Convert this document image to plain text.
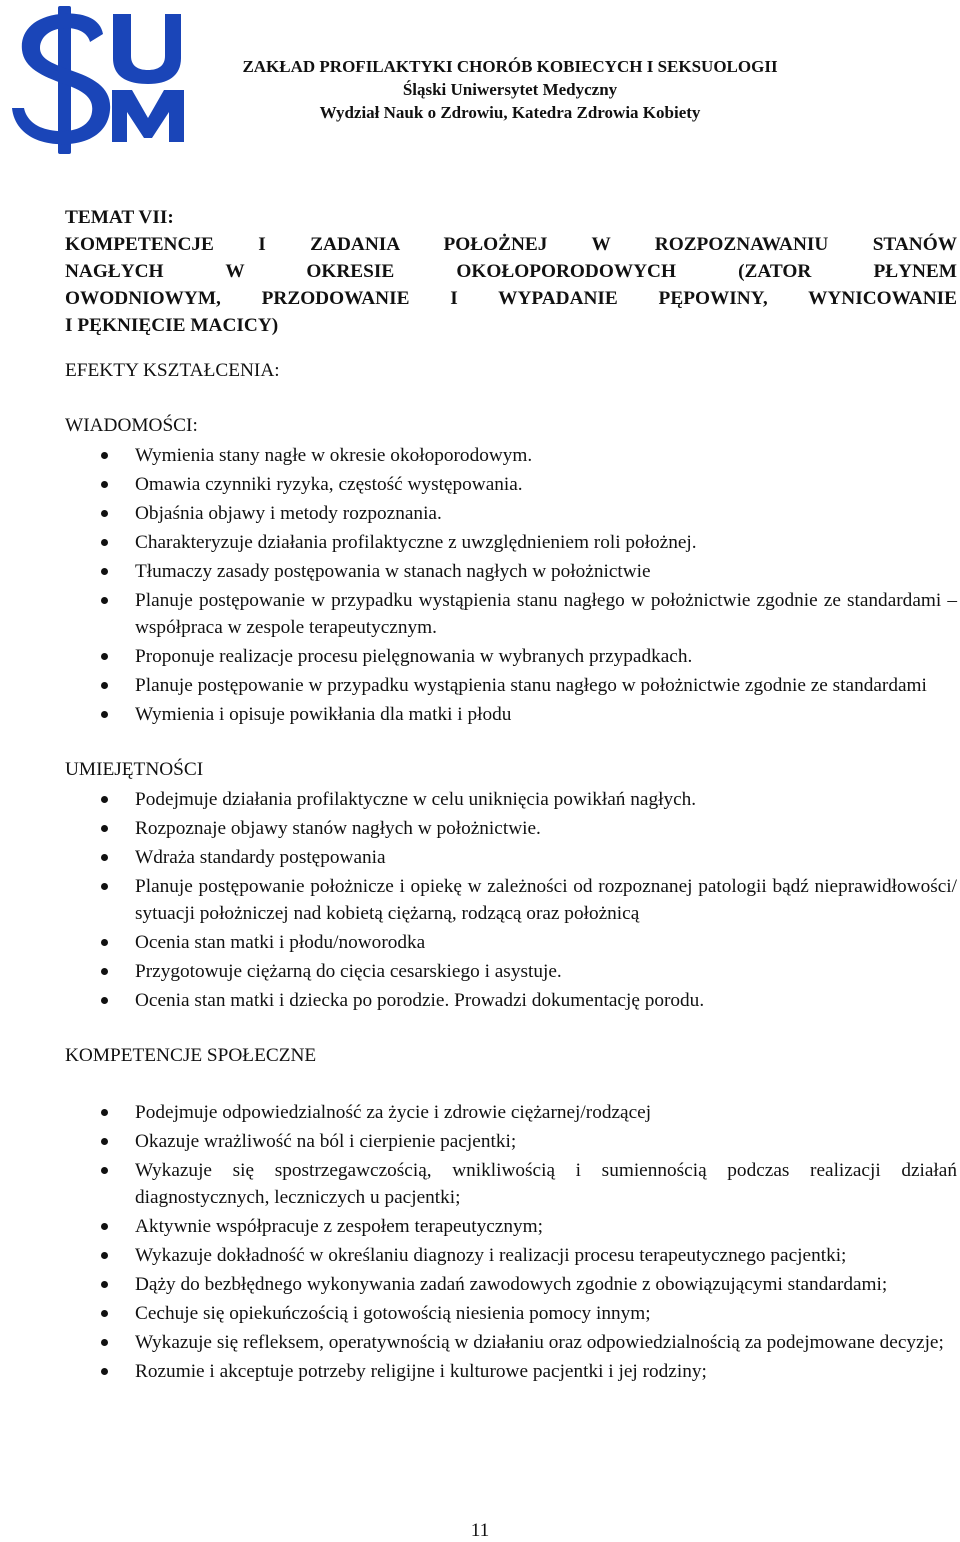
ZAKŁAD PROFILAKTYKI CHORÓB KOBIECYCH I SEKSUOLOGII
Śląski Uniwersytet Medyczny
Wydział Nauk o Zdrowiu, Katedra Zdrowia Kobiety
TEMAT VII:
KOMPETENCJE I ZADANIA POŁOŻNEJ W ROZPOZNAWANIU STANÓW
NAGŁYCH W OKRESIE OKOŁOPORODOWYCH (ZATOR PŁYNEM
OWODNIOWYM, PRZODOWANIE I WYPADANIE PĘPOWINY, WYNICOWANIE
I PĘKNIĘCIE MACICY)
EFEKTY KSZTAŁCENIA:
WIADOMOŚCI:
Wymienia stany nagłe w okresie okołoporodowym.
Omawia czynniki ryzyka, częstość występowania.
Objaśnia objawy i metody rozpoznania.
Charakteryzuje działania profilaktyczne z uwzględnieniem roli położnej.
Tłumaczy zasady postępowania w stanach nagłych w położnictwie
Planuje postępowanie w przypadku wystąpienia stanu nagłego w położnictwie zgodnie ze standardami – współpraca w zespole terapeutycznym.
Proponuje realizacje procesu pielęgnowania w wybranych przypadkach.
Planuje postępowanie w przypadku wystąpienia stanu nagłego w położnictwie zgodnie ze standardami
Wymienia i opisuje powikłania dla matki i płodu
UMIEJĘTNOŚCI
Podejmuje działania profilaktyczne w celu uniknięcia powikłań nagłych.
Rozpoznaje objawy stanów nagłych w położnictwie.
Wdraża standardy postępowania
Planuje postępowanie położnicze i opiekę w zależności od rozpoznanej patologii bądź nieprawidłowości/ sytuacji położniczej nad kobietą ciężarną, rodzącą oraz położnicą
Ocenia stan matki i płodu/noworodka
Przygotowuje ciężarną do cięcia cesarskiego i asystuje.
Ocenia stan matki i dziecka po porodzie. Prowadzi dokumentację porodu.
KOMPETENCJE SPOŁECZNE
Podejmuje odpowiedzialność za życie i zdrowie ciężarnej/rodzącej
Okazuje wrażliwość na ból i cierpienie pacjentki;
Wykazuje się spostrzegawczością, wnikliwością i sumiennością podczas realizacji działań diagnostycznych, leczniczych u pacjentki;
Aktywnie współpracuje z zespołem terapeutycznym;
Wykazuje dokładność w określaniu diagnozy i realizacji procesu terapeutycznego pacjentki;
Dąży do bezbłędnego wykonywania zadań zawodowych zgodnie z obowiązującymi standardami;
Cechuje się opiekuńczością i gotowością niesienia pomocy innym;
Wykazuje się refleksem, operatywnością w działaniu oraz odpowiedzialnością za podejmowane decyzje;
Rozumie i akceptuje potrzeby religijne i kulturowe pacjentki i jej rodziny;
11
